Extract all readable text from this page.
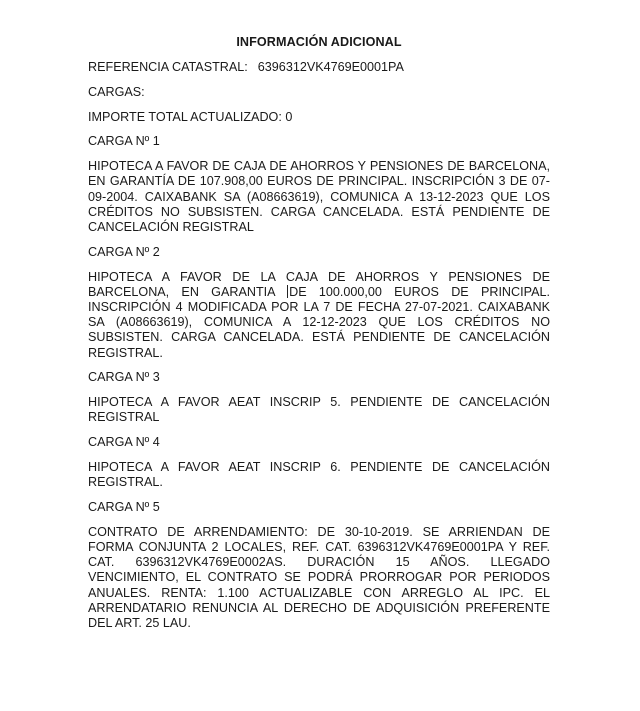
INFORMACIÓN ADICIONAL

REFERENCIA CATASTRAL: 6396312VK4769E0001PA

CARGAS:

IMPORTE TOTAL ACTUALIZADO: 0

CARGA Nº 1

HIPOTECA A FAVOR DE CAJA DE AHORROS Y PENSIONES DE BARCELONA, EN GARANTÍA DE 107.908,00 EUROS DE PRINCIPAL. INSCRIPCIÓN 3 DE 07-09-2004. CAIXABANK SA (A08663619), COMUNICA A 13-12-2023 QUE LOS CRÉDITOS NO SUBSISTEN. CARGA CANCELADA. ESTÁ PENDIENTE DE CANCELACIÓN REGISTRAL

CARGA Nº 2

HIPOTECA A FAVOR DE LA CAJA DE AHORROS Y PENSIONES DE BARCELONA, EN GARANTIA DE 100.000,00 EUROS DE PRINCIPAL. INSCRIPCIÓN 4 MODIFICADA POR LA 7 DE FECHA 27-07-2021. CAIXABANK SA (A08663619), COMUNICA A 12-12-2023 QUE LOS CRÉDITOS NO SUBSISTEN. CARGA CANCELADA. ESTÁ PENDIENTE DE CANCELACIÓN REGISTRAL.

CARGA Nº 3

HIPOTECA A FAVOR AEAT INSCRIP 5. PENDIENTE DE CANCELACIÓN REGISTRAL

CARGA Nº 4

HIPOTECA A FAVOR AEAT INSCRIP 6. PENDIENTE DE CANCELACIÓN REGISTRAL.

CARGA Nº 5

CONTRATO DE ARRENDAMIENTO: DE 30-10-2019. SE ARRIENDAN DE FORMA CONJUNTA 2 LOCALES, REF. CAT. 6396312VK4769E0001PA Y REF. CAT. 6396312VK4769E0002AS. DURACIÓN 15 AÑOS. LLEGADO VENCIMIENTO, EL CONTRATO SE PODRÁ PRORROGAR POR PERIODOS ANUALES. RENTA: 1.100 ACTUALIZABLE CON ARREGLO AL IPC. EL ARRENDATARIO RENUNCIA AL DERECHO DE ADQUISICIÓN PREFERENTE DEL ART. 25 LAU.
